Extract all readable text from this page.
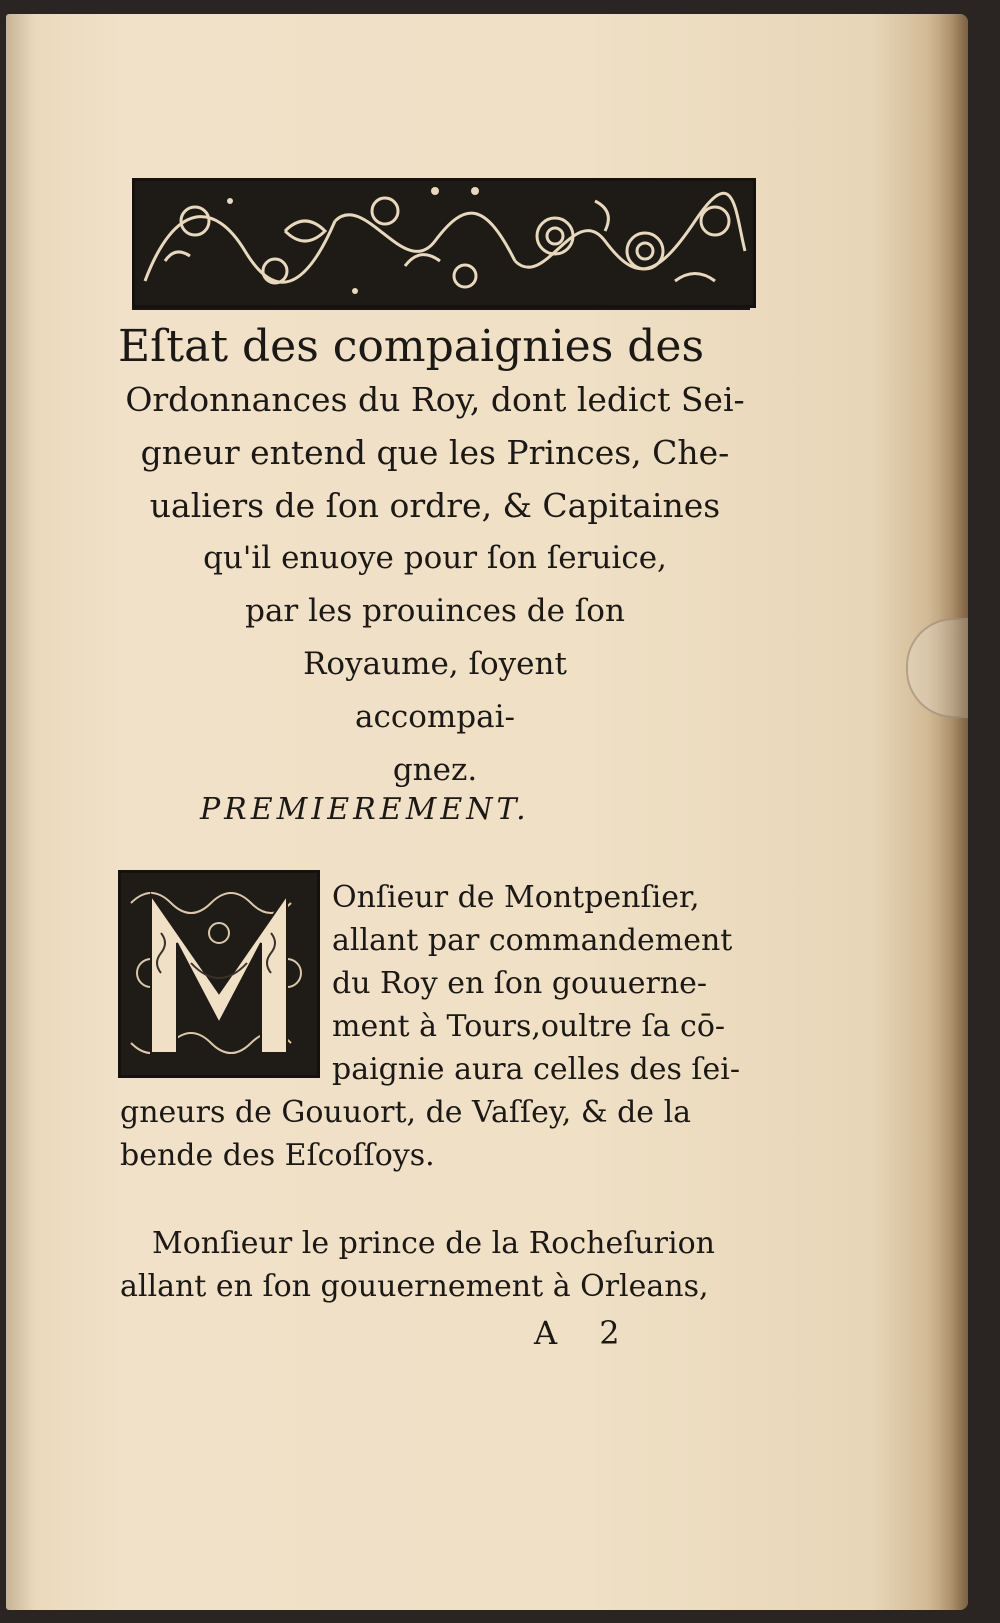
Eſtat des compaignies des
Ordonnances du Roy, dont ledict Sei-
gneur entend que les Princes, Che-
ualiers de ſon ordre, & Capitaines
qu'il enuoye pour ſon ſeruice,
par les prouinces de ſon
Royaume, ſoyent
accompai-
gnez.
PREMIEREMENT.
Onſieur de Montpenſier,
allant par commandement
du Roy en ſon gouuerne-
ment à Tours,oultre ſa cō-
paignie aura celles des ſei-
gneurs de Gouuort, de Vaſſey, & de la
bende des Eſcoſſoys.
Monſieur le prince de la Rocheſurion
allant en ſon gouuernement à Orleans,
A 2
